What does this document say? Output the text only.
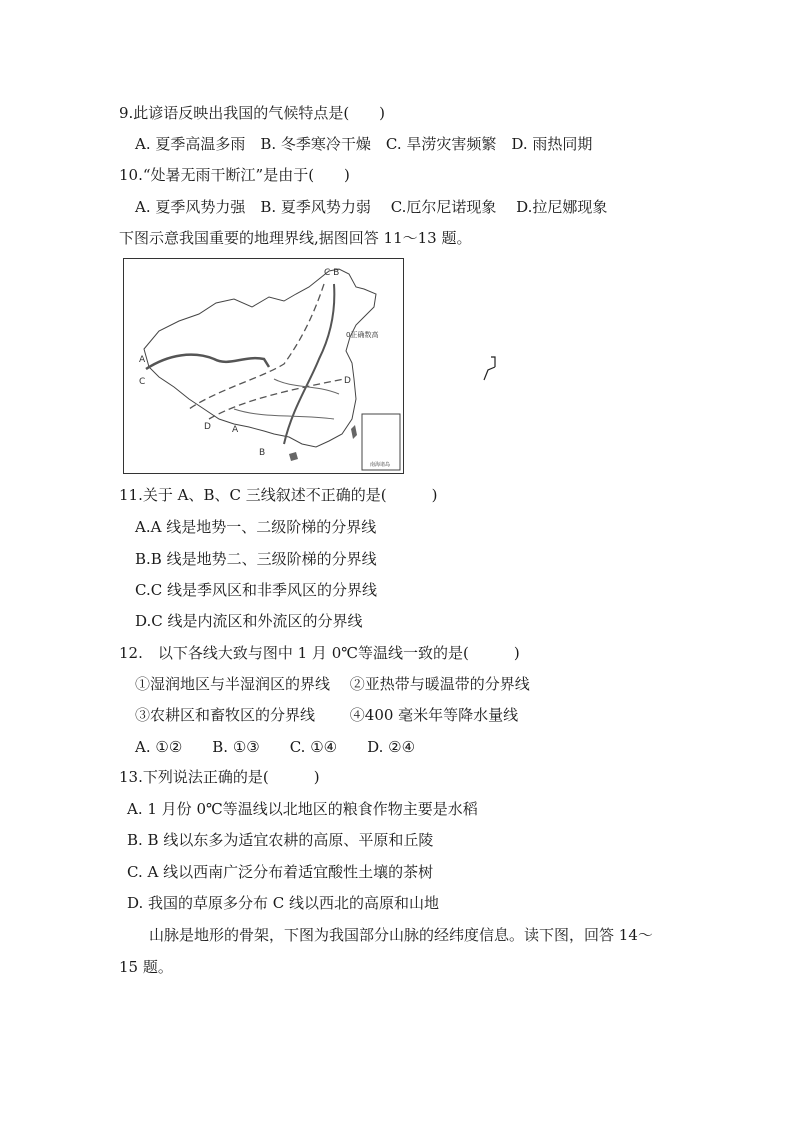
9.此谚语反映出我国的气候特点是(　　)
A. 夏季高温多雨　B. 冬季寒冷干燥　C. 旱涝灾害频繁　D. 雨热同期
10.“处暑无雨干断江”是由于(　　)
A. 夏季风势力强　B. 夏季风势力弱　 C.厄尔尼诺现象　 D.拉尼娜现象
下图示意我国重要的地理界线,据图回答 11～13 题。
C B
A
C	D
D A
B
0正确数高
南海诸岛
11.关于 A、B、C 三线叙述不正确的是(　　　)
A.A 线是地势一、二级阶梯的分界线
B.B 线是地势二、三级阶梯的分界线
C.C 线是季风区和非季风区的分界线
D.C 线是内流区和外流区的分界线
12.　以下各线大致与图中 1 月 0℃等温线一致的是(　　　)
①湿润地区与半湿润区的界线　 ②亚热带与暖温带的分界线
③农耕区和畜牧区的分界线　　 ④400 毫米年等降水量线
A. ①②　　B. ①③　　C. ①④　　D. ②④
13.下列说法正确的是(　　　)
A. 1 月份 0℃等温线以北地区的粮食作物主要是水稻
B. B 线以东多为适宜农耕的高原、平原和丘陵
C. A 线以西南广泛分布着适宜酸性土壤的茶树
D. 我国的草原多分布 C 线以西北的高原和山地
山脉是地形的骨架，下图为我国部分山脉的经纬度信息。读下图，回答 14～
15 题。
